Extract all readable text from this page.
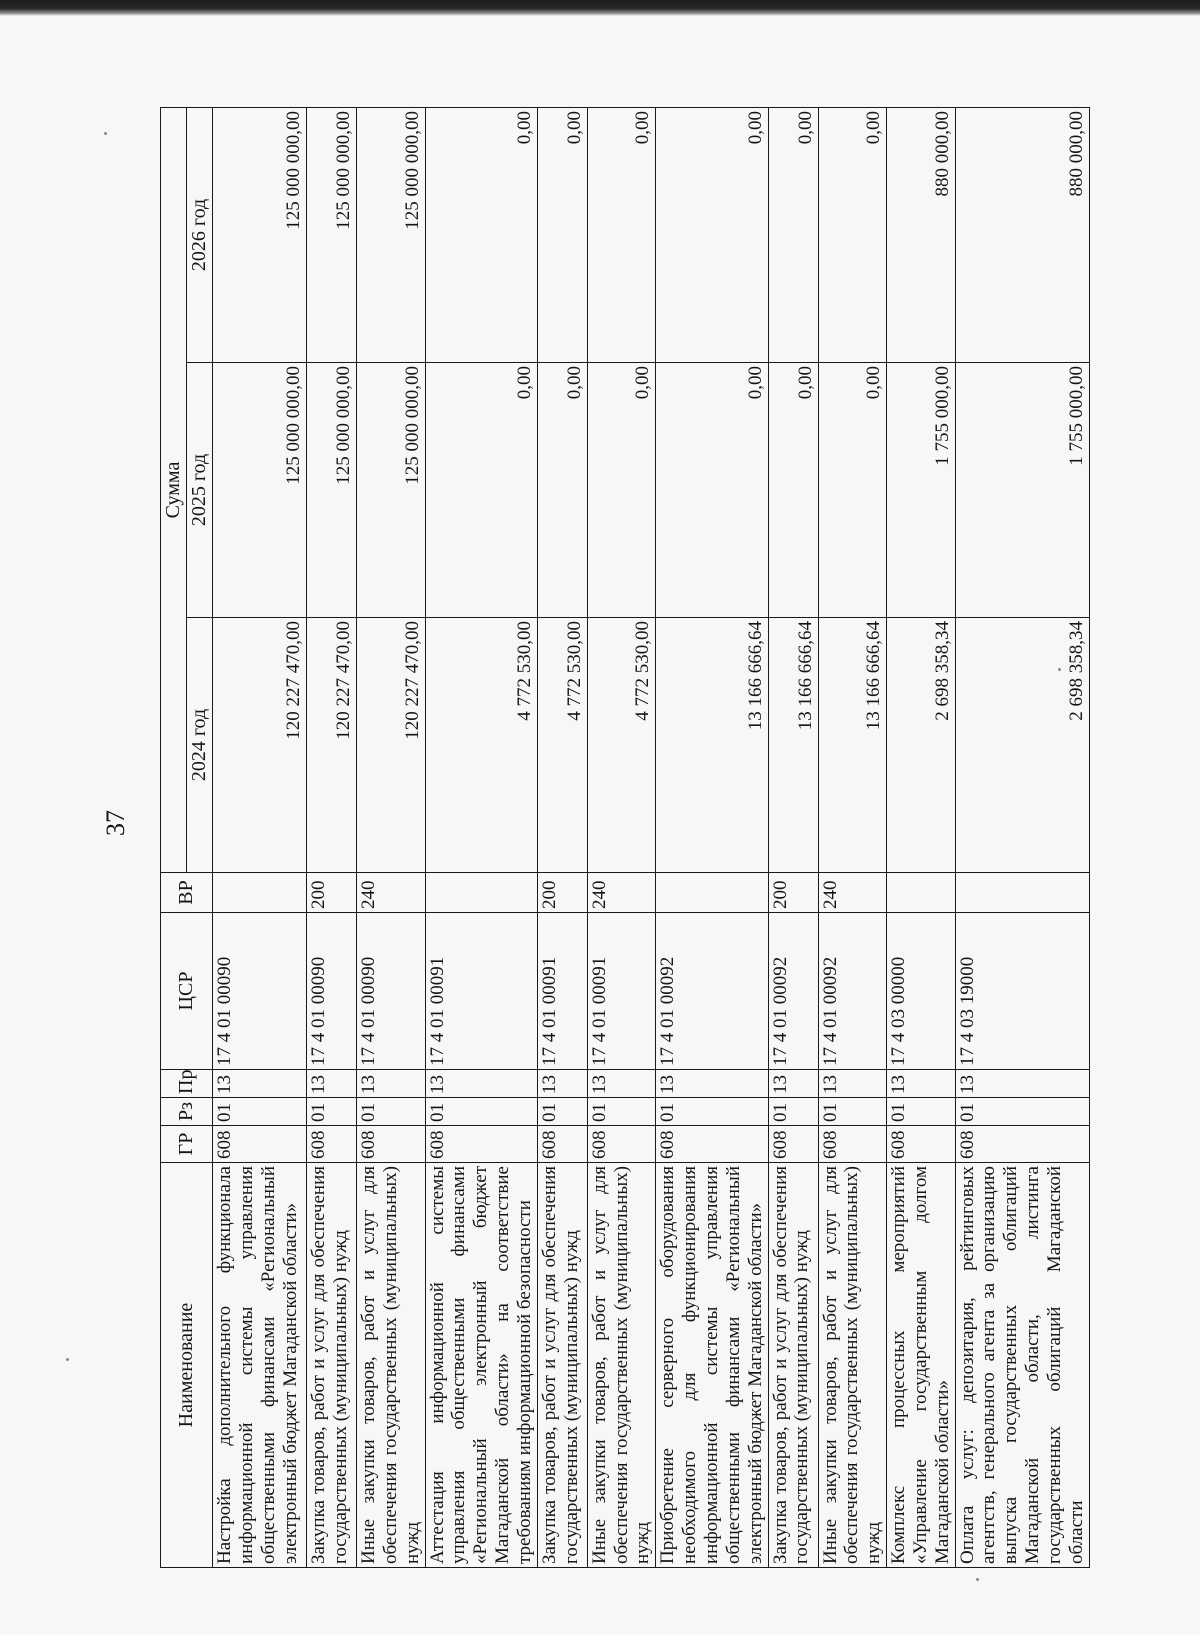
37
Наименование	ГР	Рз	Пр	ЦСР	ВР	Сумма		
						2024 год	2025 год	2026 год
Настройка дополнительного функционала информационной системы управления общественными финансами «Региональный электронный бюджет Магаданской области»	608	01	13	17 4 01 00090		120 227 470,00	125 000 000,00	125 000 000,00
Закупка товаров, работ и услуг для обеспечения государственных (муниципальных) нужд	608	01	13	17 4 01 00090	200	120 227 470,00	125 000 000,00	125 000 000,00
Иные закупки товаров, работ и услуг для обеспечения государственных (муниципальных) нужд	608	01	13	17 4 01 00090	240	120 227 470,00	125 000 000,00	125 000 000,00
Аттестация информационной системы управления общественными финансами «Региональный электронный бюджет Магаданской области» на соответствие требованиям информационной безопасности	608	01	13	17 4 01 00091		4 772 530,00	0,00	0,00
Закупка товаров, работ и услуг для обеспечения государственных (муниципальных) нужд	608	01	13	17 4 01 00091	200	4 772 530,00	0,00	0,00
Иные закупки товаров, работ и услуг для обеспечения государственных (муниципальных) нужд	608	01	13	17 4 01 00091	240	4 772 530,00	0,00	0,00
Приобретение серверного оборудования необходимого для функционирования информационной системы управления общественными финансами «Региональный электронный бюджет Магаданской области»	608	01	13	17 4 01 00092		13 166 666,64	0,00	0,00
Закупка товаров, работ и услуг для обеспечения государственных (муниципальных) нужд	608	01	13	17 4 01 00092	200	13 166 666,64	0,00	0,00
Иные закупки товаров, работ и услуг для обеспечения государственных (муниципальных) нужд	608	01	13	17 4 01 00092	240	13 166 666,64	0,00	0,00
Комплекс процессных мероприятий «Управление государственным долгом Магаданской области»	608	01	13	17 4 03 00000		2 698 358,34	1 755 000,00	880 000,00
Оплата услуг: депозитария, рейтинговых агентств, генерального агента за организацию выпуска государственных облигаций Магаданской области, листинга государственных облигаций Магаданской области	608	01	13	17 4 03 19000		2 698 358,34	1 755 000,00	880 000,00
